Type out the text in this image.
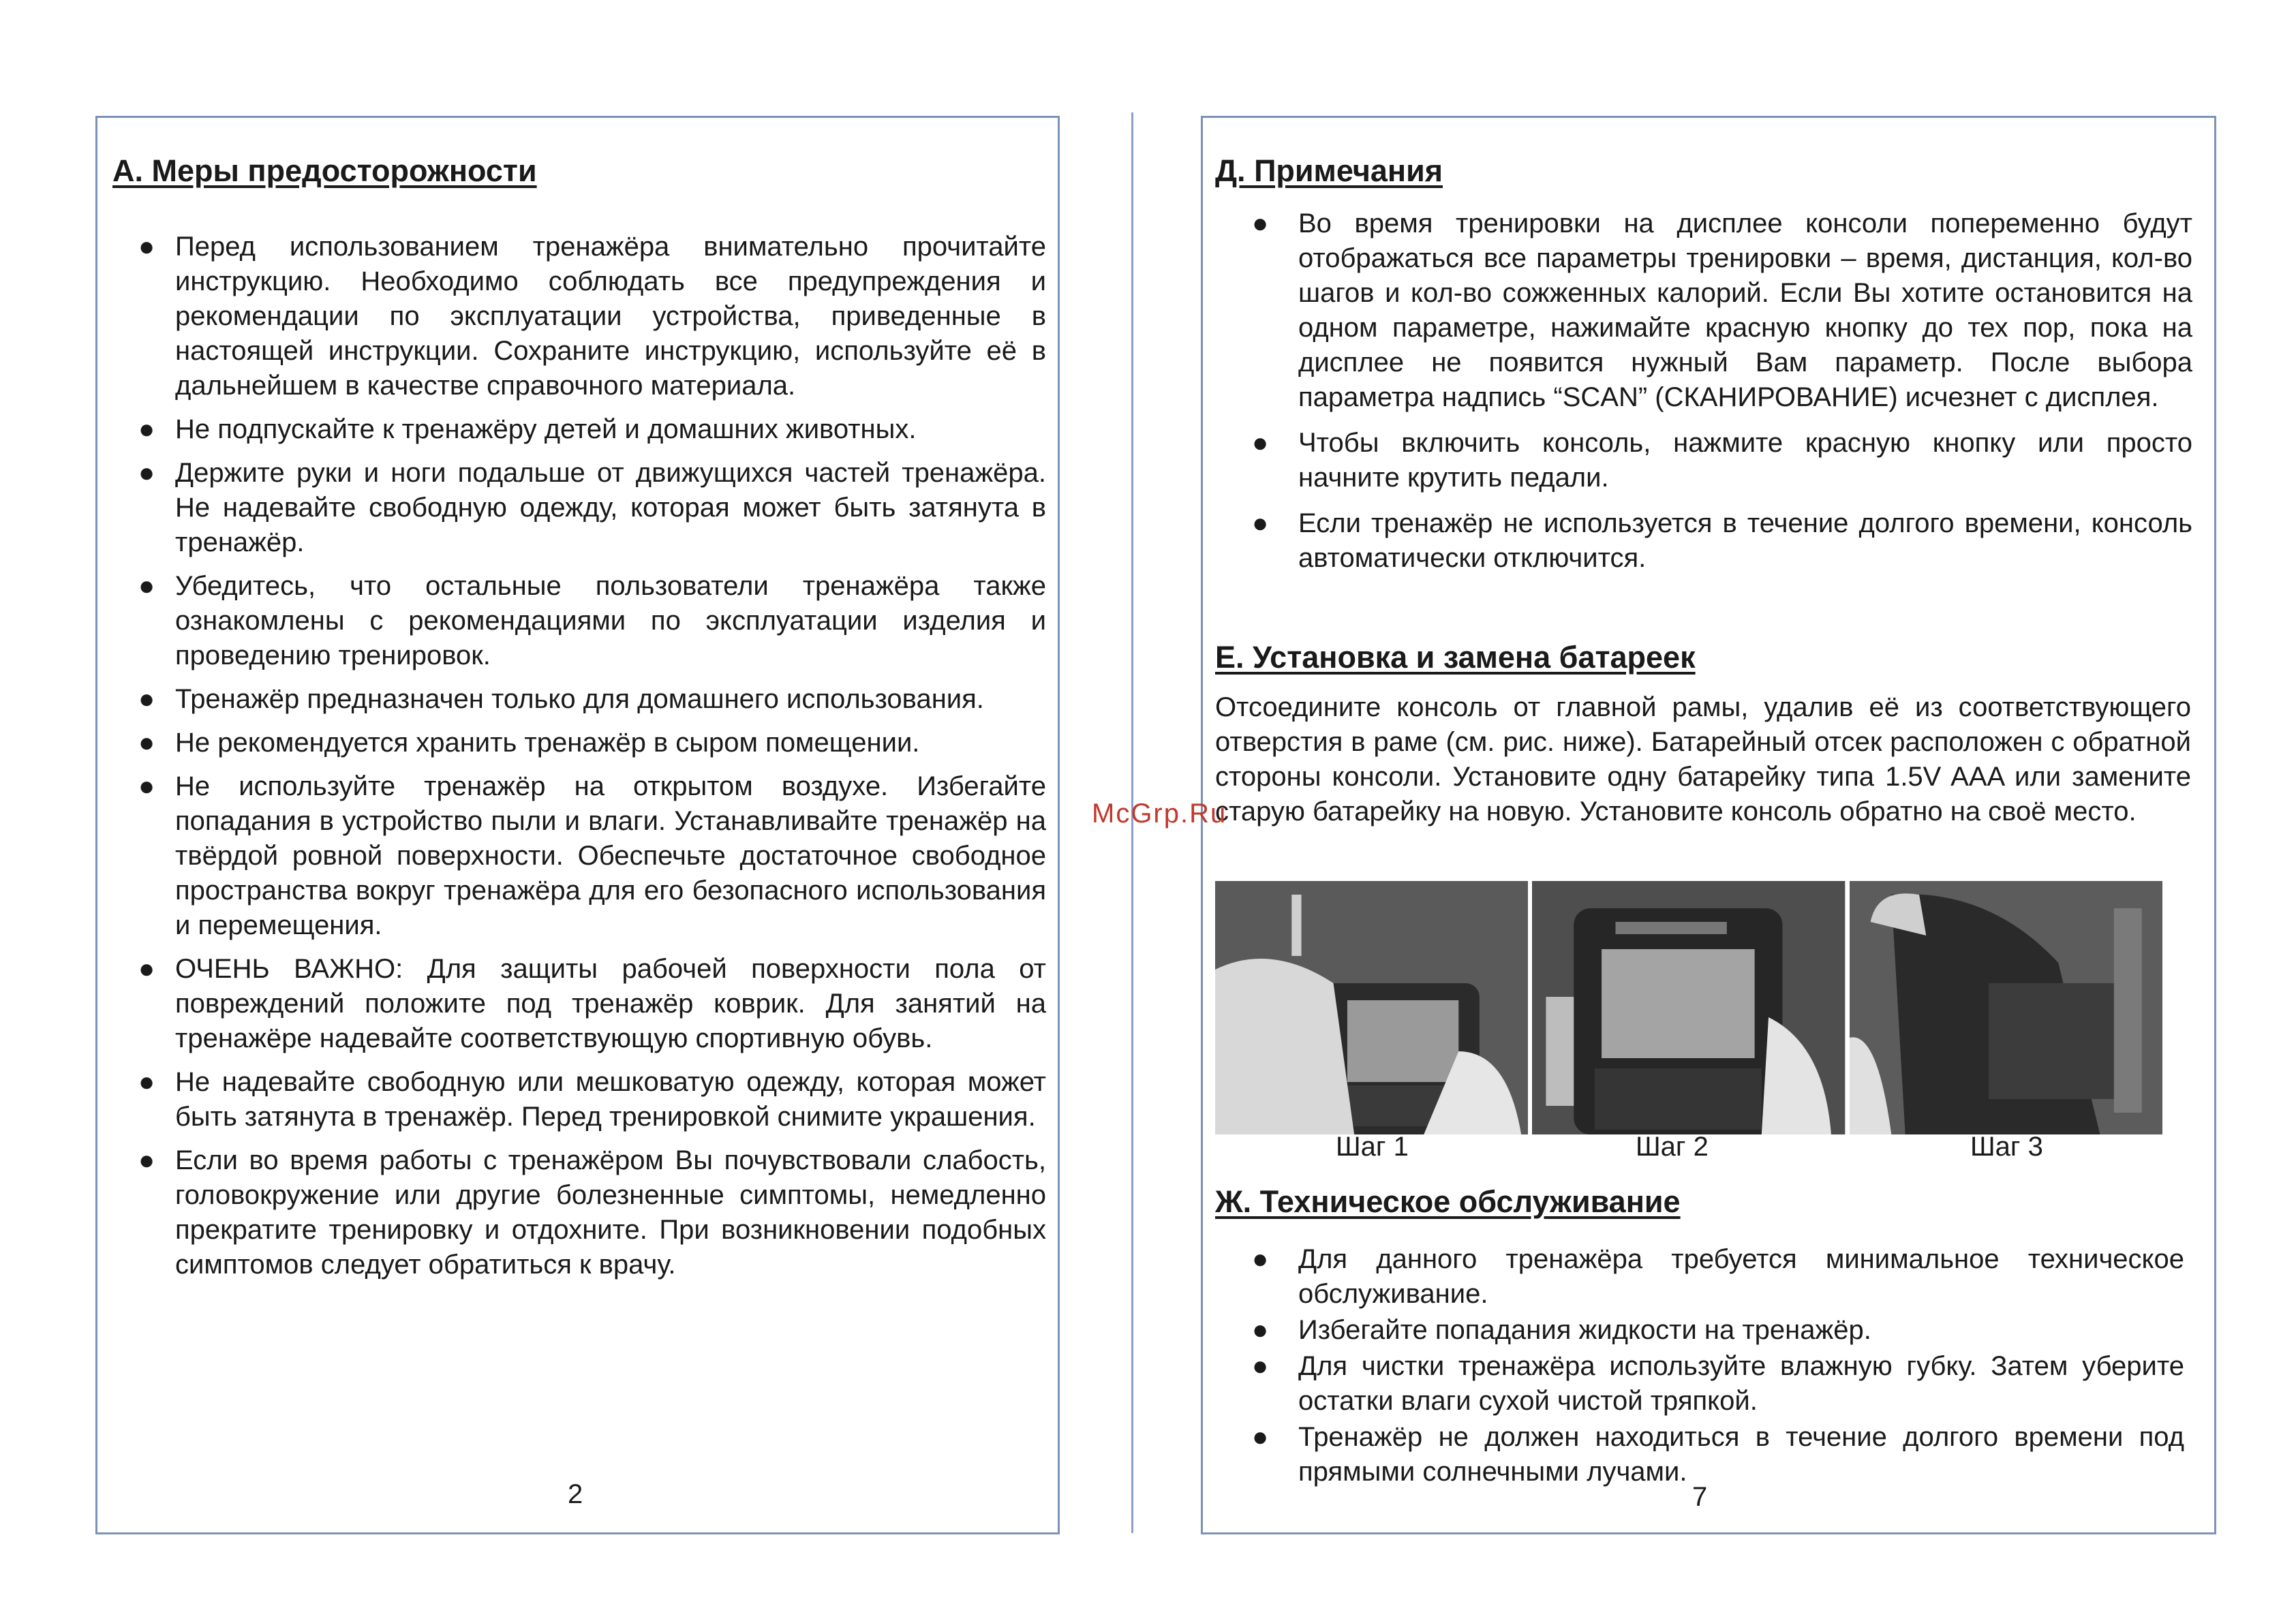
А. Меры предосторожности
● Перед использованием тренажёра внимательно прочитайте инструкцию. Необходимо соблюдать все предупреждения и рекомендации по эксплуатации устройства, приведенные в настоящей инструкции. Сохраните инструкцию, используйте её в дальнейшем в качестве справочного материала.
● Не подпускайте к тренажёру детей и домашних животных.
● Держите руки и ноги подальше от движущихся частей тренажёра. Не надевайте свободную одежду, которая может быть затянута в тренажёр.
● Убедитесь, что остальные пользователи тренажёра также ознакомлены с рекомендациями по эксплуатации изделия и проведению тренировок.
● Тренажёр предназначен только для домашнего использования.
● Не рекомендуется хранить тренажёр в сыром помещении.
● Не используйте тренажёр на открытом воздухе. Избегайте попадания в устройство пыли и влаги. Устанавливайте тренажёр на твёрдой ровной поверхности. Обеспечьте достаточное свободное пространства вокруг тренажёра для его безопасного использования и перемещения.
● ОЧЕНЬ ВАЖНО: Для защиты рабочей поверхности пола от повреждений положите под тренажёр коврик. Для занятий на тренажёре надевайте соответствующую спортивную обувь.
● Не надевайте свободную или мешковатую одежду, которая может быть затянута в тренажёр. Перед тренировкой снимите украшения.
● Если во время работы с тренажёром Вы почувствовали слабость, головокружение или другие болезненные симптомы, немедленно прекратите тренировку и отдохните. При возникновении подобных симптомов следует обратиться к врачу.
2
Д. Примечания
● Во время тренировки на дисплее консоли попеременно будут отображаться все параметры тренировки – время, дистанция, кол-во шагов и кол-во сожженных калорий. Если Вы хотите остановится на одном параметре, нажимайте красную кнопку до тех пор, пока на дисплее не появится нужный Вам параметр. После выбора параметра надпись “SCAN” (СКАНИРОВАНИЕ) исчезнет с дисплея.
● Чтобы включить консоль, нажмите красную кнопку или просто начните крутить педали.
● Если тренажёр не используется в течение долгого времени, консоль автоматически отключится.
Е. Установка и замена батареек

Отсоедините консоль от главной рамы, удалив её из соответствующего отверстия в раме (см. рис. ниже). Батарейный отсек расположен с обратной стороны консоли. Установите одну батарейку типа 1.5V AAA или замените старую батарейку на новую. Установите консоль обратно на своё место.

Шаг 1	Шаг 2	Шаг 3
Ж. Техническое обслуживание
● Для данного тренажёра требуется минимальное техническое обслуживание.
● Избегайте попадания жидкости на тренажёр.
● Для чистки тренажёра используйте влажную губку. Затем уберите остатки влаги сухой чистой тряпкой.
● Тренажёр не должен находиться в течение долгого времени под прямыми солнечными лучами.
7
McGrp.Ru
